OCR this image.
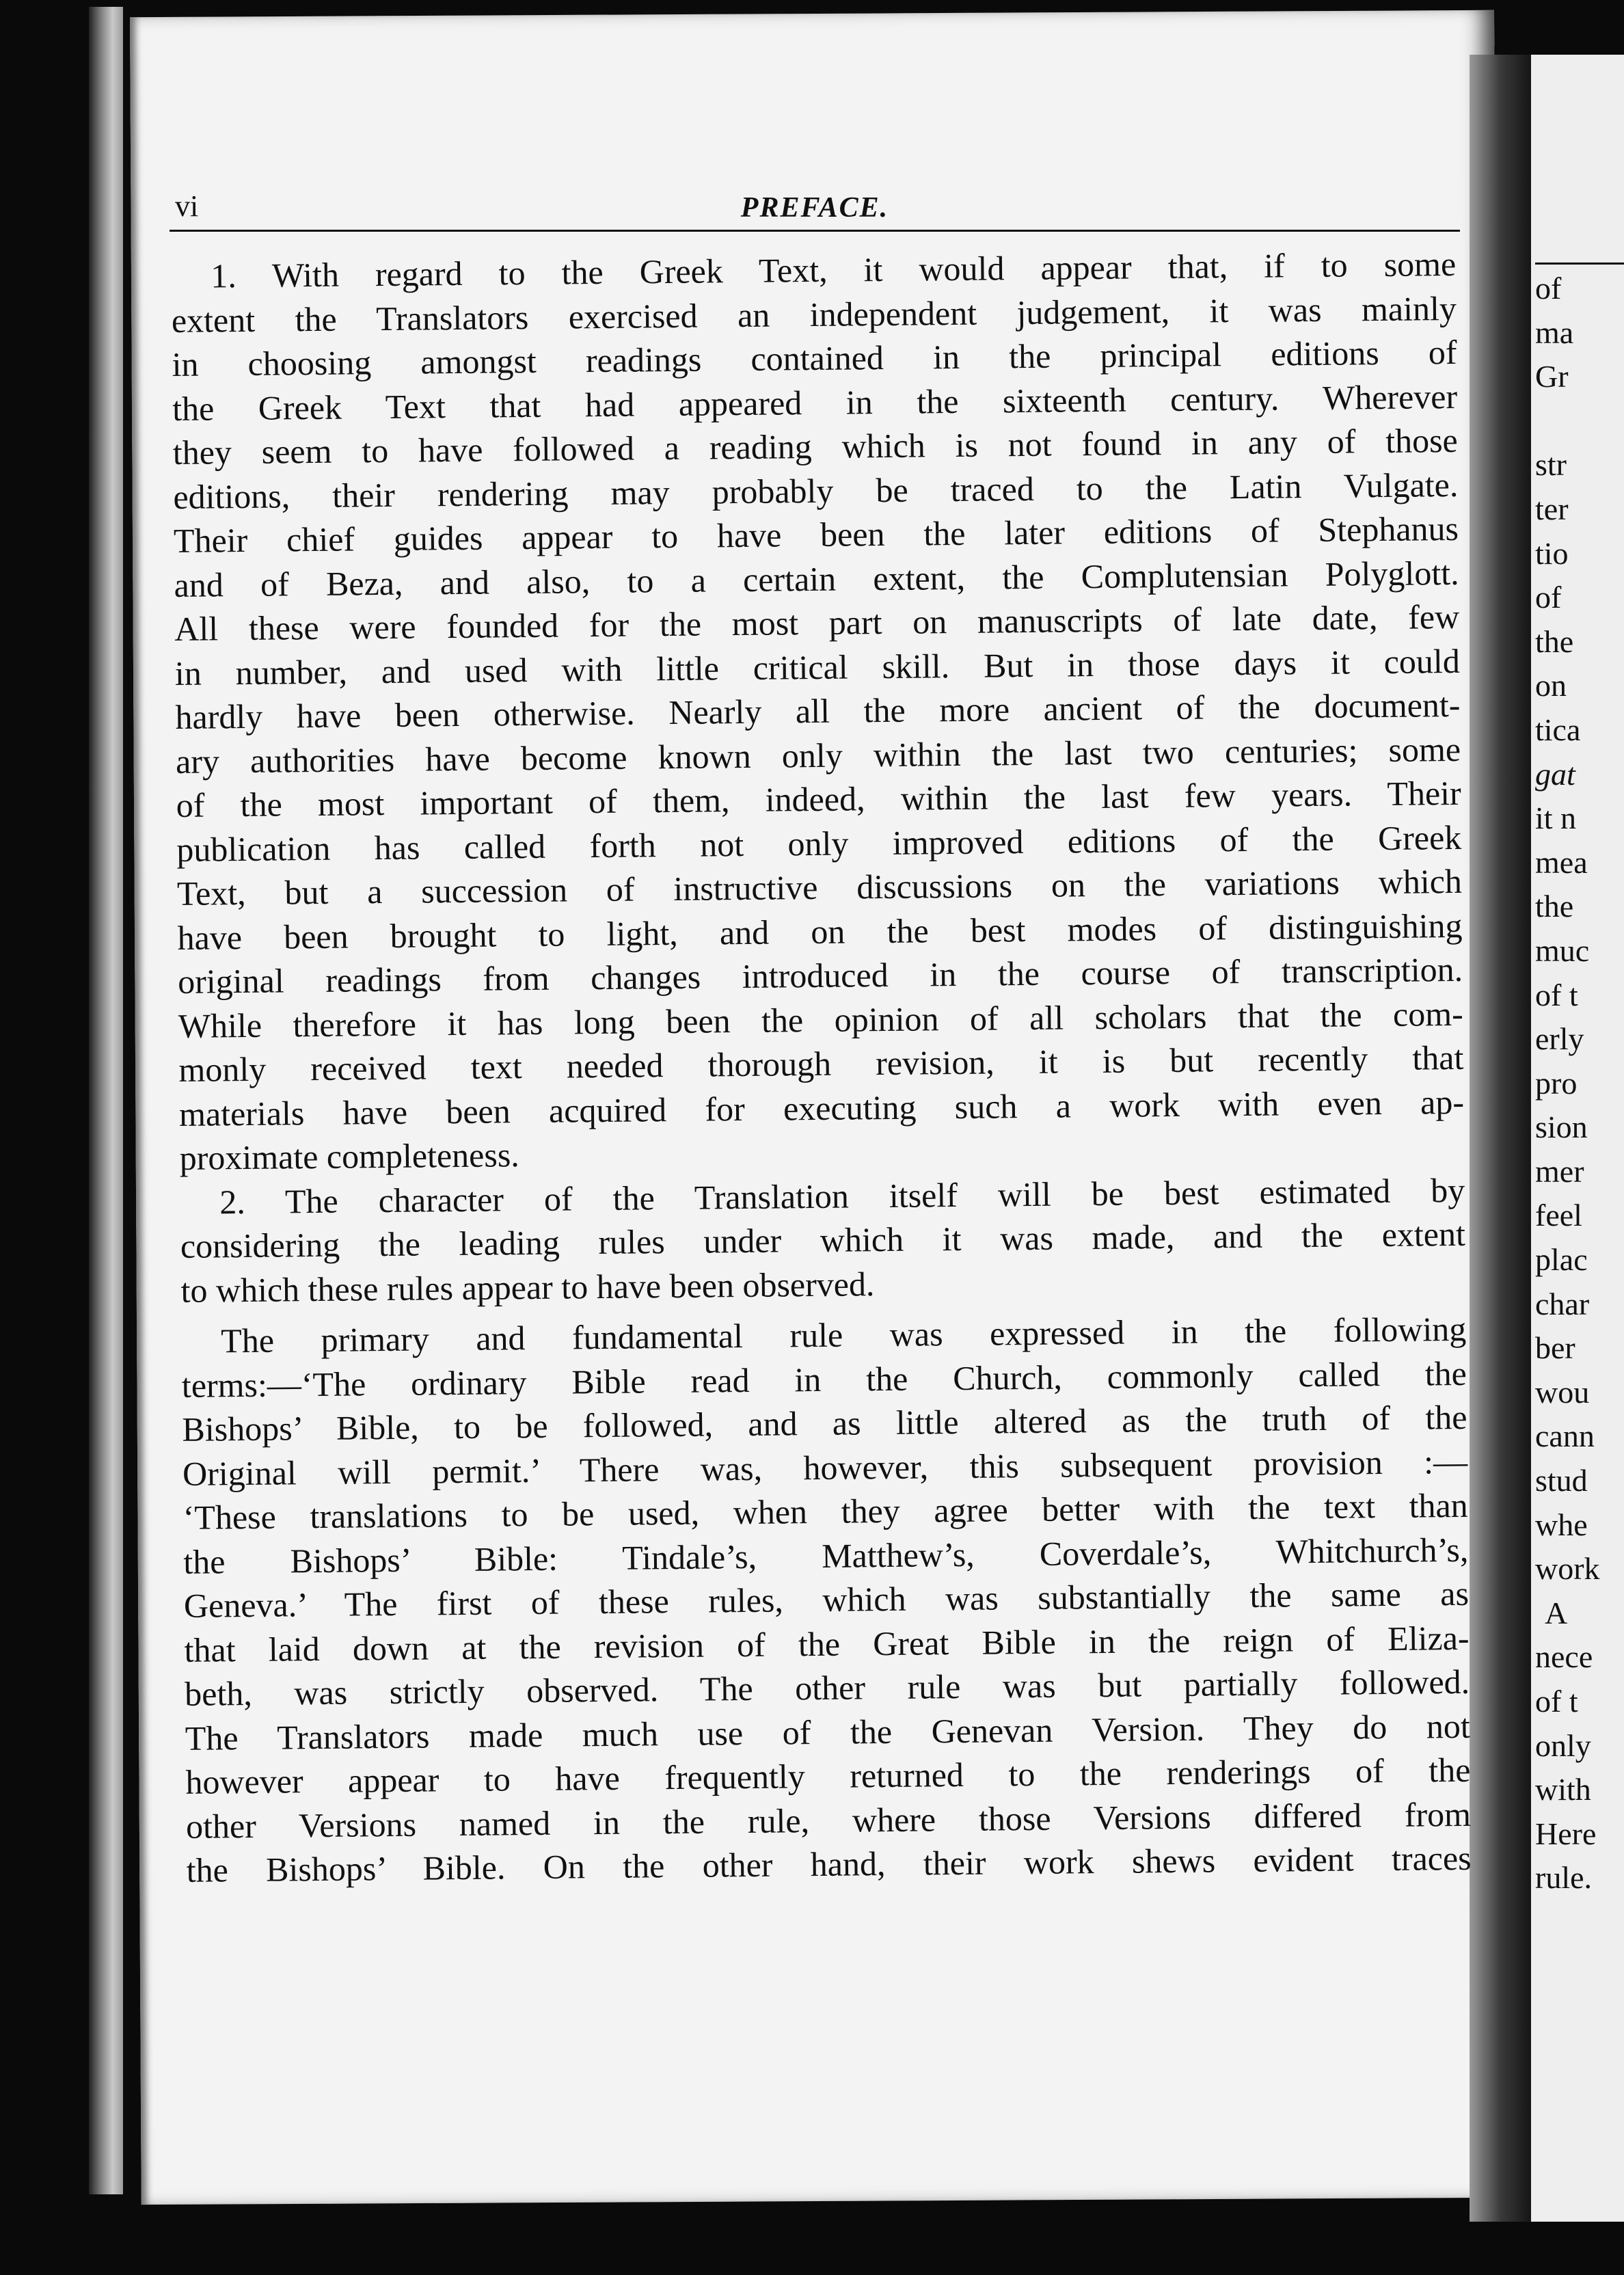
vi	PREFACE.
1. With regard to the Greek Text, it would appear that, if to some
extent the Translators exercised an independent judgement, it was mainly
in choosing amongst readings contained in the principal editions of
the Greek Text that had appeared in the sixteenth century. Wherever
they seem to have followed a reading which is not found in any of those
editions, their rendering may probably be traced to the Latin Vulgate.
Their chief guides appear to have been the later editions of Stephanus
and of Beza, and also, to a certain extent, the Complutensian Polyglott.
All these were founded for the most part on manuscripts of late date, few
in number, and used with little critical skill. But in those days it could
hardly have been otherwise. Nearly all the more ancient of the document-
ary authorities have become known only within the last two centuries; some
of the most important of them, indeed, within the last few years. Their
publication has called forth not only improved editions of the Greek
Text, but a succession of instructive discussions on the variations which
have been brought to light, and on the best modes of distinguishing
original readings from changes introduced in the course of transcription.
While therefore it has long been the opinion of all scholars that the com-
monly received text needed thorough revision, it is but recently that
materials have been acquired for executing such a work with even ap-
proximate completeness.
2. The character of the Translation itself will be best estimated by
considering the leading rules under which it was made, and the extent
to which these rules appear to have been observed.
The primary and fundamental rule was expressed in the following
terms:—‘The ordinary Bible read in the Church, commonly called the
Bishops’ Bible, to be followed, and as little altered as the truth of the
Original will permit.’ There was, however, this subsequent provision :—
‘These translations to be used, when they agree better with the text than
the Bishops’ Bible: Tindale’s, Matthew’s, Coverdale’s, Whitchurch’s,
Geneva.’ The first of these rules, which was substantially the same as
that laid down at the revision of the Great Bible in the reign of Eliza-
beth, was strictly observed. The other rule was but partially followed.
The Translators made much use of the Genevan Version. They do not
however appear to have frequently returned to the renderings of the
other Versions named in the rule, where those Versions differed from
the Bishops’ Bible. On the other hand, their work shews evident traces
of
ma
Gr
str
ter
tio
of
the
on
tica
gat
it n
mea
the
muc
of t
erly
pro
sion
mer
feel
plac
char
ber
wou
cann
stud
whe
work
A
nece
of t
only
with
Here
rule.
